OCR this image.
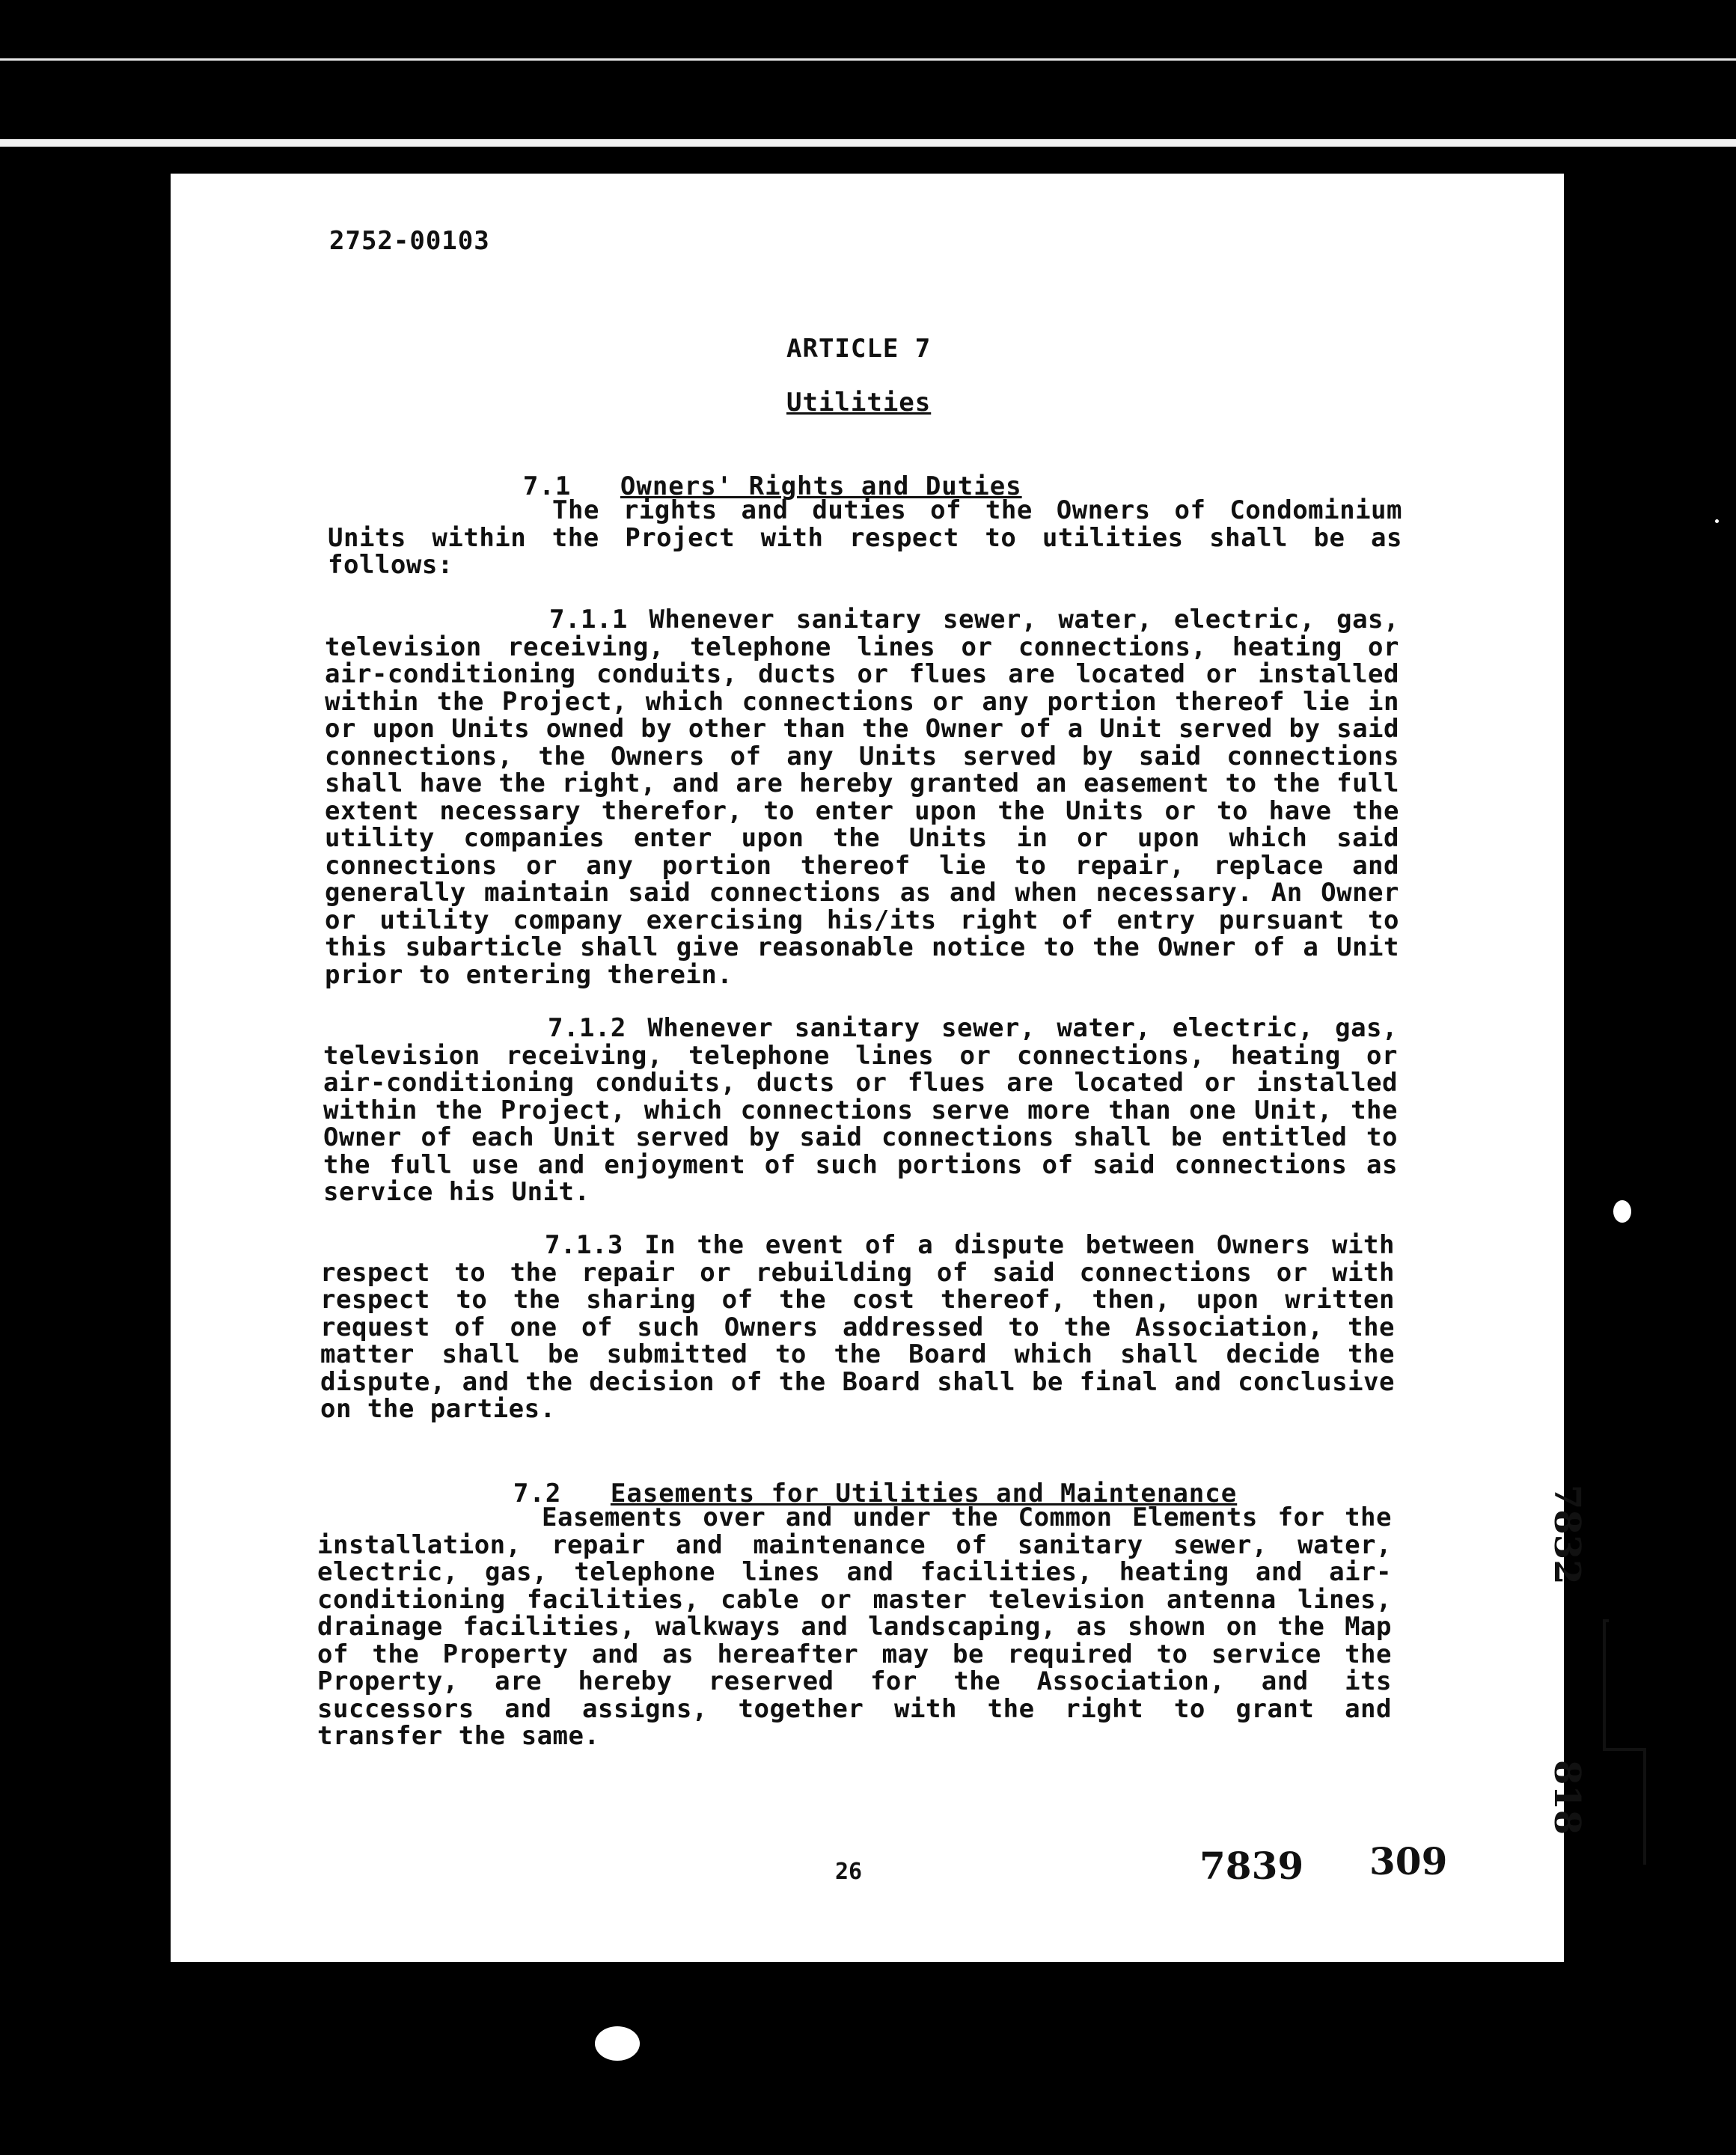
2752-00103
ARTICLE 7
Utilities

7.1 Owners' Rights and Duties

The rights and duties of the Owners of Condominium Units within the Project with respect to utilities shall be as follows:
7.1.1 Whenever sanitary sewer, water, electric, gas, television receiving, telephone lines or connections, heating or air-conditioning conduits, ducts or flues are located or installed within the Project, which connections or any portion thereof lie in or upon Units owned by other than the Owner of a Unit served by said connections, the Owners of any Units served by said connections shall have the right, and are hereby granted an easement to the full extent necessary therefor, to enter upon the Units or to have the utility companies enter upon the Units in or upon which said connections or any portion thereof lie to repair, replace and generally maintain said connections as and when necessary. An Owner or utility company exercising his/its right of entry pursuant to this subarticle shall give reasonable notice to the Owner of a Unit prior to entering therein.
7.1.2 Whenever sanitary sewer, water, electric, gas, television receiving, telephone lines or connections, heating or air-conditioning conduits, ducts or flues are located or installed within the Project, which connections serve more than one Unit, the Owner of each Unit served by said connections shall be entitled to the full use and enjoyment of such portions of said connections as service his Unit.
7.1.3 In the event of a dispute between Owners with respect to the repair or rebuilding of said connections or with respect to the sharing of the cost thereof, then, upon written request of one of such Owners addressed to the Association, the matter shall be submitted to the Board which shall decide the dispute, and the decision of the Board shall be final and conclusive on the parties.

7.2 Easements for Utilities and Maintenance

Easements over and under the Common Elements for the installation, repair and maintenance of sanitary sewer, water, electric, gas, telephone lines and facilities, heating and air-conditioning facilities, cable or master television antenna lines, drainage facilities, walkways and landscaping, as shown on the Map of the Property and as hereafter may be required to service the Property, are hereby reserved for the Association, and its successors and assigns, together with the right to grant and transfer the same.
26	7839 309
7832
818
